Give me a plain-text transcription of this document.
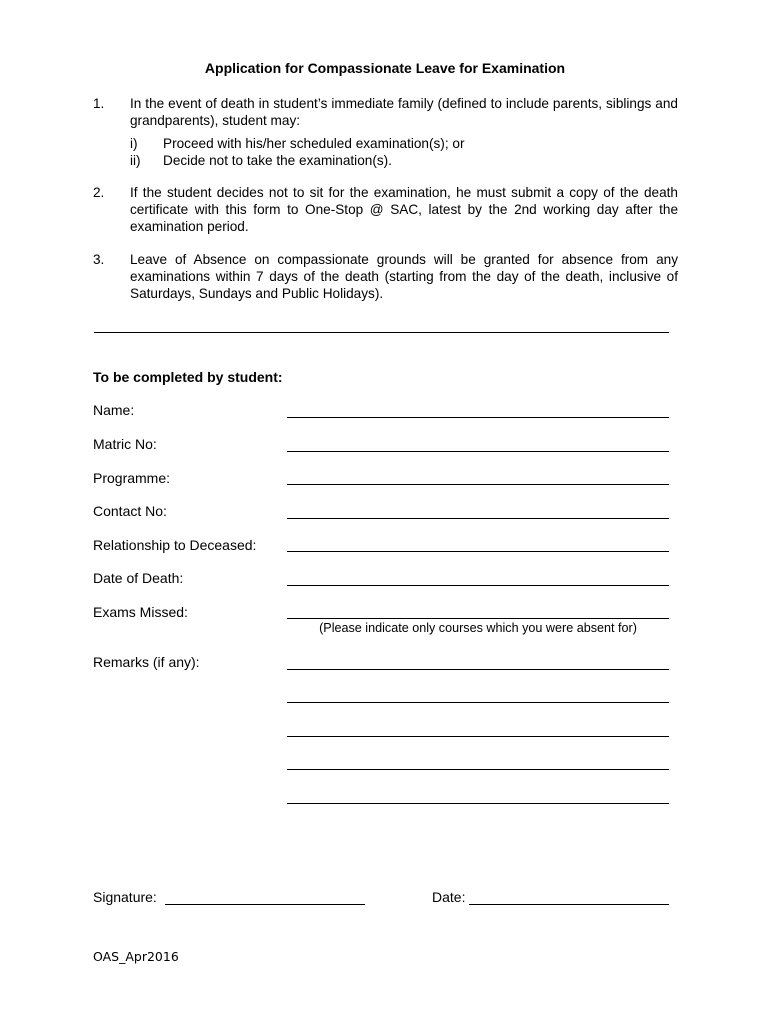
Application for Compassionate Leave for Examination
1. In the event of death in student’s immediate family (defined to include parents, siblings and grandparents), student may:
i) Proceed with his/her scheduled examination(s); or
ii) Decide not to take the examination(s).
2. If the student decides not to sit for the examination, he must submit a copy of the death certificate with this form to One-Stop @ SAC, latest by the 2nd working day after the examination period.
3. Leave of Absence on compassionate grounds will be granted for absence from any examinations within 7 days of the death (starting from the day of the death, inclusive of Saturdays, Sundays and Public Holidays).
To be completed by student:
Name:
Matric No:
Programme:
Contact No:
Relationship to Deceased:
Date of Death:
Exams Missed:
(Please indicate only courses which you were absent for)
Remarks (if any):
Signature:	Date:
OAS_Apr2016
